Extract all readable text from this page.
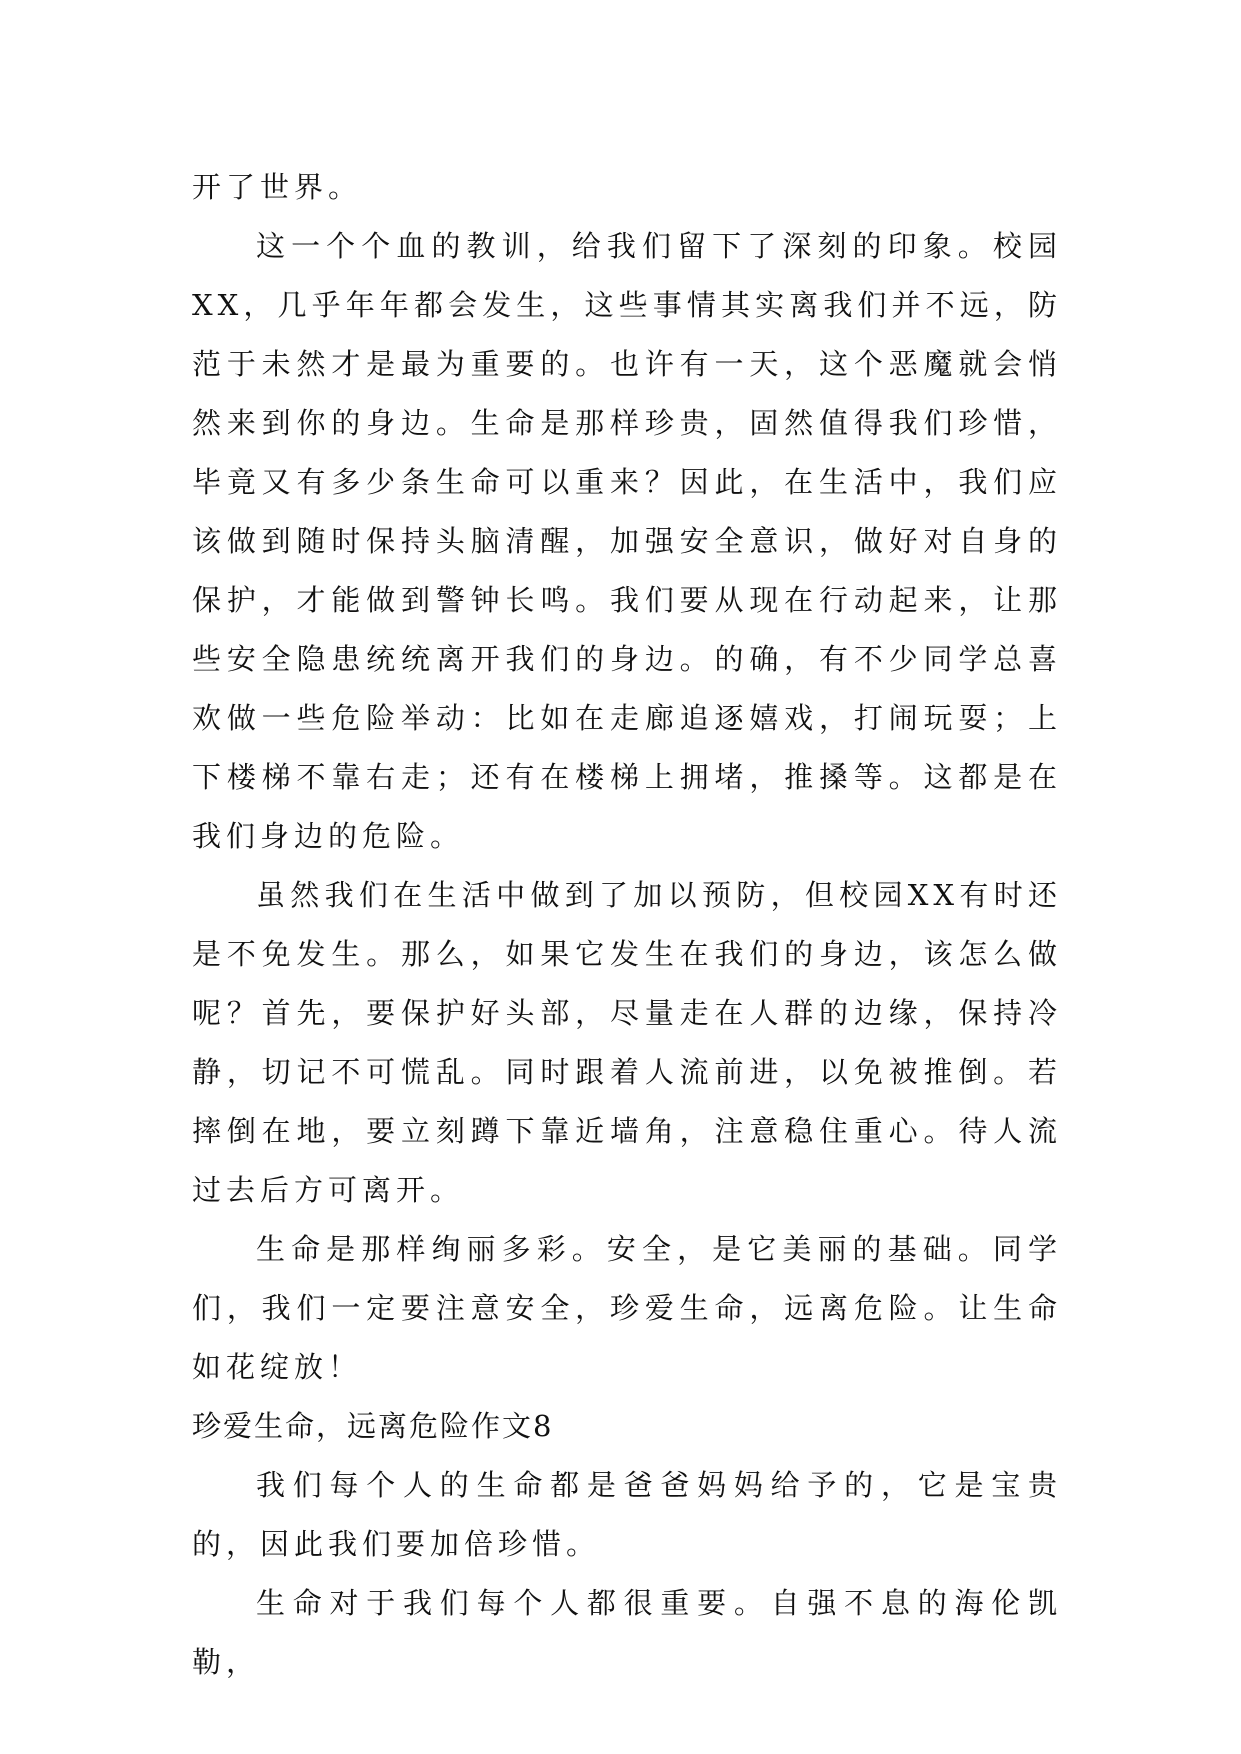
开了世界。

这一个个血的教训，给我们留下了深刻的印象。校园XX，几乎年年都会发生，这些事情其实离我们并不远，防范于未然才是最为重要的。也许有一天，这个恶魔就会悄然来到你的身边。生命是那样珍贵，固然值得我们珍惜，毕竟又有多少条生命可以重来？因此，在生活中，我们应该做到随时保持头脑清醒，加强安全意识，做好对自身的保护，才能做到警钟长鸣。我们要从现在行动起来，让那些安全隐患统统离开我们的身边。的确，有不少同学总喜欢做一些危险举动：比如在走廊追逐嬉戏，打闹玩耍；上下楼梯不靠右走；还有在楼梯上拥堵，推搡等。这都是在我们身边的危险。

虽然我们在生活中做到了加以预防，但校园XX有时还是不免发生。那么，如果它发生在我们的身边，该怎么做呢？首先，要保护好头部，尽量走在人群的边缘，保持冷静，切记不可慌乱。同时跟着人流前进，以免被推倒。若摔倒在地，要立刻蹲下靠近墙角，注意稳住重心。待人流过去后方可离开。

生命是那样绚丽多彩。安全，是它美丽的基础。同学们，我们一定要注意安全，珍爱生命，远离危险。让生命如花绽放！

珍爱生命，远离危险作文8

我们每个人的生命都是爸爸妈妈给予的，它是宝贵的，因此我们要加倍珍惜。

生命对于我们每个人都很重要。自强不息的海伦凯勒，
